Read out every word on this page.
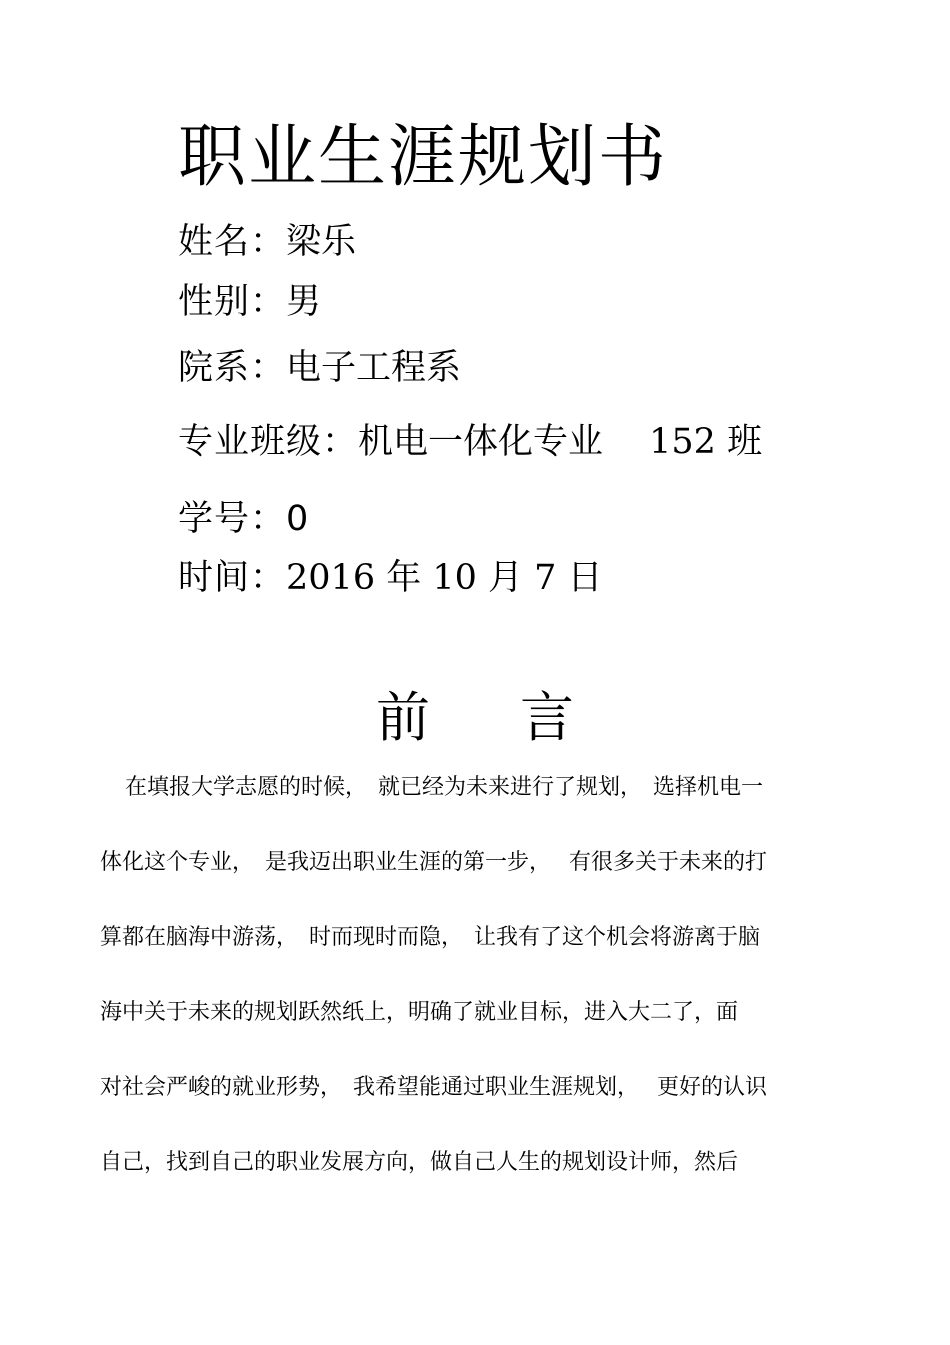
职业生涯规划书
姓名：梁乐
性别：男
院系：电子工程系
专业班级：机电一体化专业　 152 班
学号：0
时间：2016 年 10 月 7 日
前 言
在填报大学志愿的时候，　就已经为未来进行了规划，　选择机电一
体化这个专业，　是我迈出职业生涯的第一步，　 有很多关于未来的打
算都在脑海中游荡，　时而现时而隐，　让我有了这个机会将游离于脑
海中关于未来的规划跃然纸上，明确了就业目标，进入大二了，面
对社会严峻的就业形势，　我希望能通过职业生涯规划，　 更好的认识
自己，找到自己的职业发展方向，做自己人生的规划设计师，然后
